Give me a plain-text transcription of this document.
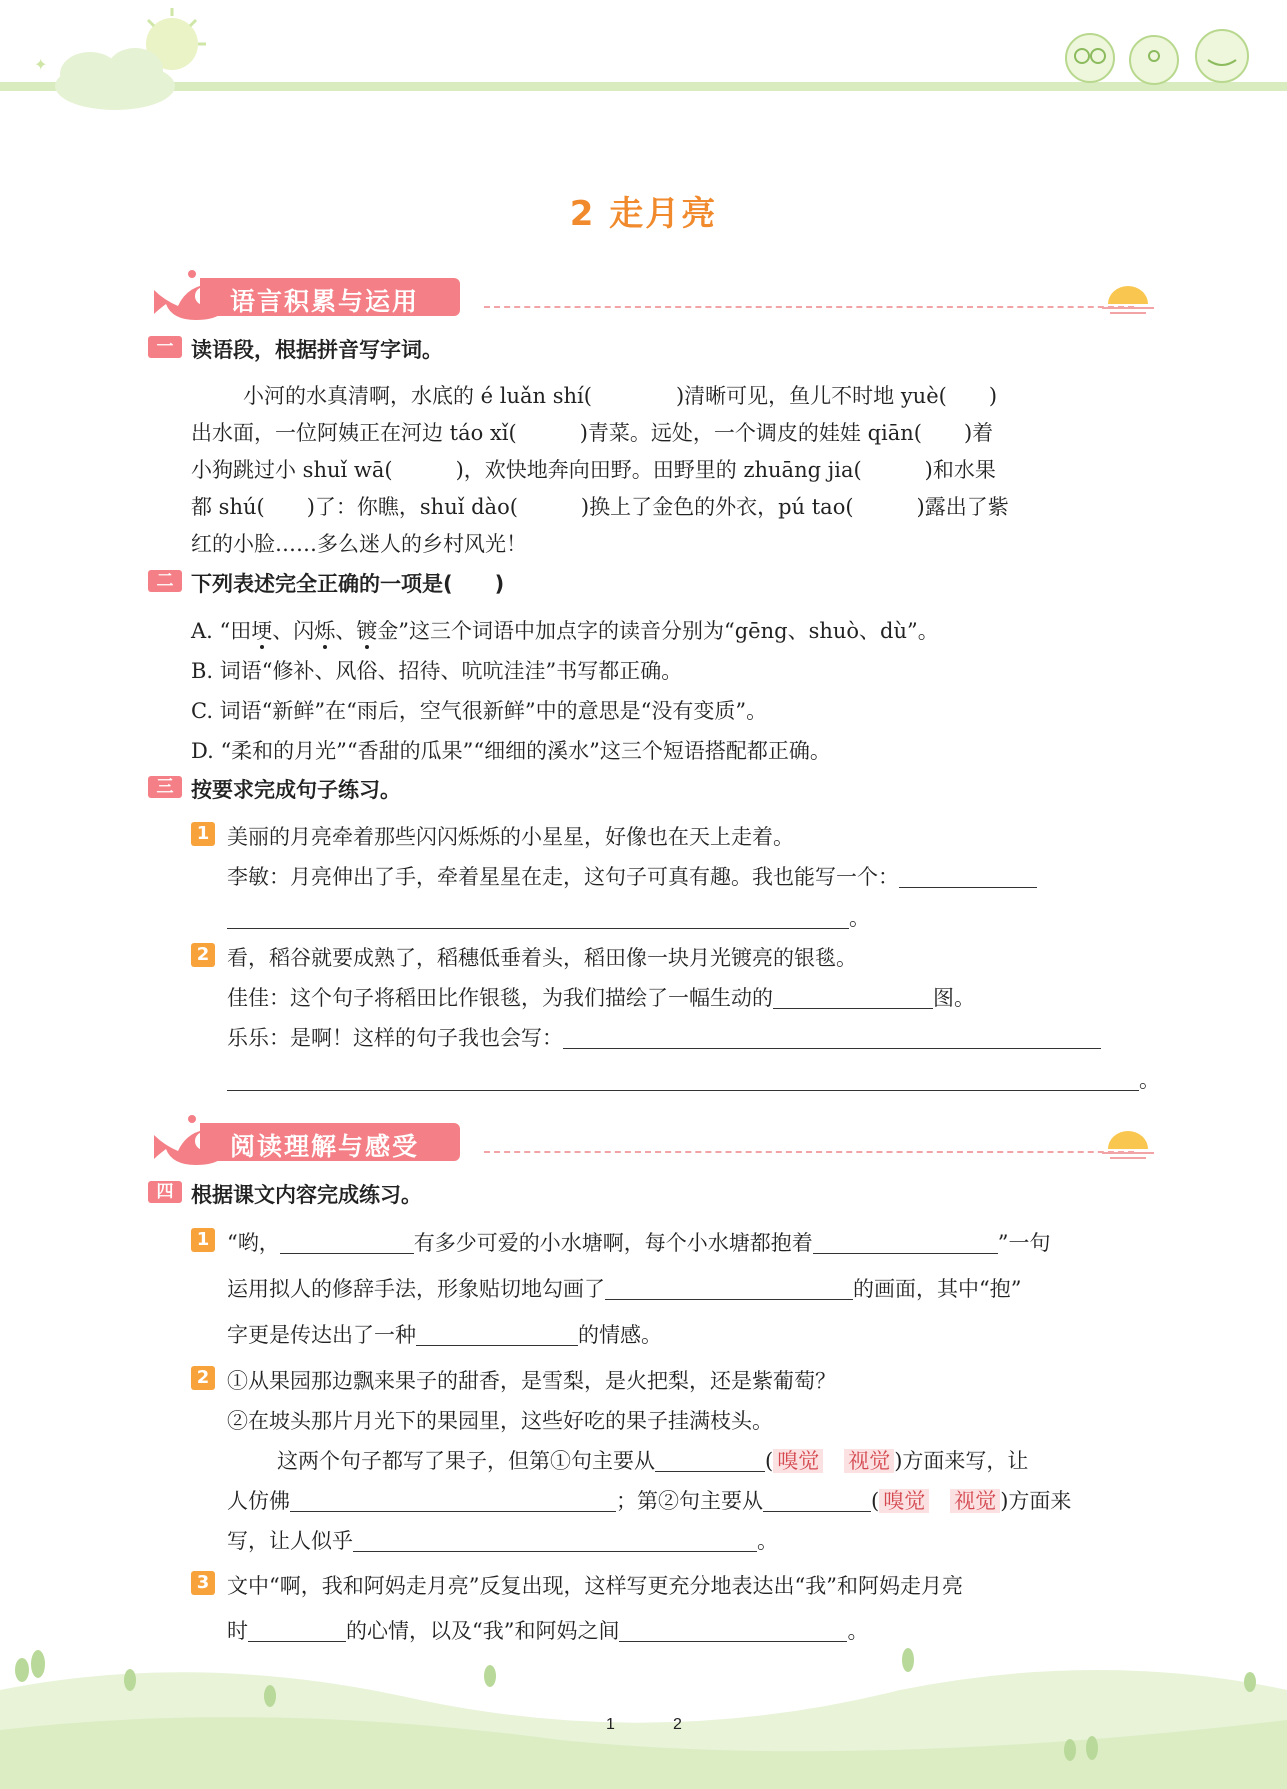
✦
2 走月亮
语言积累与运用
一 读语段，根据拼音写字词。
小河的水真清啊，水底的 é luǎn shí(　　　　)清晰可见，鱼儿不时地 yuè(　　)
出水面，一位阿姨正在河边 táo xǐ(　　　)青菜。远处，一个调皮的娃娃 qiān(　　)着
小狗跳过小 shuǐ wā(　　　)，欢快地奔向田野。田野里的 zhuāng jia(　　　)和水果
都 shú(　　)了：你瞧，shuǐ dào(　　　)换上了金色的外衣，pú tao(　　　)露出了紫
红的小脸……多么迷人的乡村风光！
二 下列表述完全正确的一项是(　　)
A. “田埂、闪烁、镀金”这三个词语中加点字的读音分别为“gēng、shuò、dù”。
B. 词语“修补、风俗、招待、吭吭洼洼”书写都正确。
C. 词语“新鲜”在“雨后，空气很新鲜”中的意思是“没有变质”。
D. “柔和的月光”“香甜的瓜果”“细细的溪水”这三个短语搭配都正确。
三 按要求完成句子练习。
1 美丽的月亮牵着那些闪闪烁烁的小星星，好像也在天上走着。
李敏：月亮伸出了手，牵着星星在走，这句子可真有趣。我也能写一个：
。
2 看，稻谷就要成熟了，稻穗低垂着头，稻田像一块月光镀亮的银毯。
佳佳：这个句子将稻田比作银毯，为我们描绘了一幅生动的	图。
乐乐：是啊！这样的句子我也会写：
。
阅读理解与感受
四 根据课文内容完成练习。
1 “哟，	有多少可爱的小水塘啊，每个小水塘都抱着	”一句
运用拟人的修辞手法，形象贴切地勾画了	的画面，其中“抱”
字更是传达出了一种	的情感。
2 ①从果园那边飘来果子的甜香，是雪梨，是火把梨，还是紫葡萄？
②在坡头那片月光下的果园里，这些好吃的果子挂满枝头。
这两个句子都写了果子，但第①句主要从	( 嗅觉　 视觉 )方面来写，让
人仿佛	；第②句主要从	( 嗅觉　 视觉 )方面来
写，让人似乎	。
3 文中“啊，我和阿妈走月亮”反复出现，这样写更充分地表达出“我”和阿妈走月亮
时	的心情，以及“我”和阿妈之间	。
1	2
